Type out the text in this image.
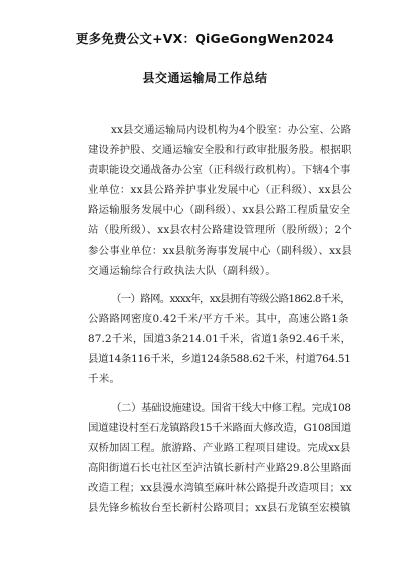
更多免费公文+VX：QiGeGongWen2024
县交通运输局工作总结
xx县交通运输局内设机构为4个股室：办公室、公路
建设养护股、交通运输安全股和行政审批服务股。根据职
责职能设交通战备办公室（正科级行政机构）。下辖4个事
业单位：xx县公路养护事业发展中心（正科级）、xx县公
路运输服务发展中心（副科级）、xx县公路工程质量安全
站（股所级）、xx县农村公路建设管理所（股所级）；2个
参公事业单位：xx县航务海事发展中心（副科级）、xx县
交通运输综合行政执法大队（副科级）。
（一）路网。xxxx年，xx县拥有等级公路1862.8千米，
公路路网密度0.42千米/平方千米。其中，高速公路1条
87.2千米，国道3条214.01千米，省道1条92.46千米，
县道14条116千米，乡道124条588.62千米，村道764.51
千米。
（二）基础设施建设。国省干线大中修工程。完成108
国道建设村至石龙镇路段15千米路面大修改造，G108国道
双桥加固工程。旅游路、产业路工程项目建设。完成xx县
高阳街道石长屯社区至泸沽镇长新村产业路29.8公里路面
改造工程；xx县漫水湾镇至麻叶林公路提升改造项目；xx
县先锋乡梳妆台至长新村公路项目；xx县石龙镇至宏模镇
